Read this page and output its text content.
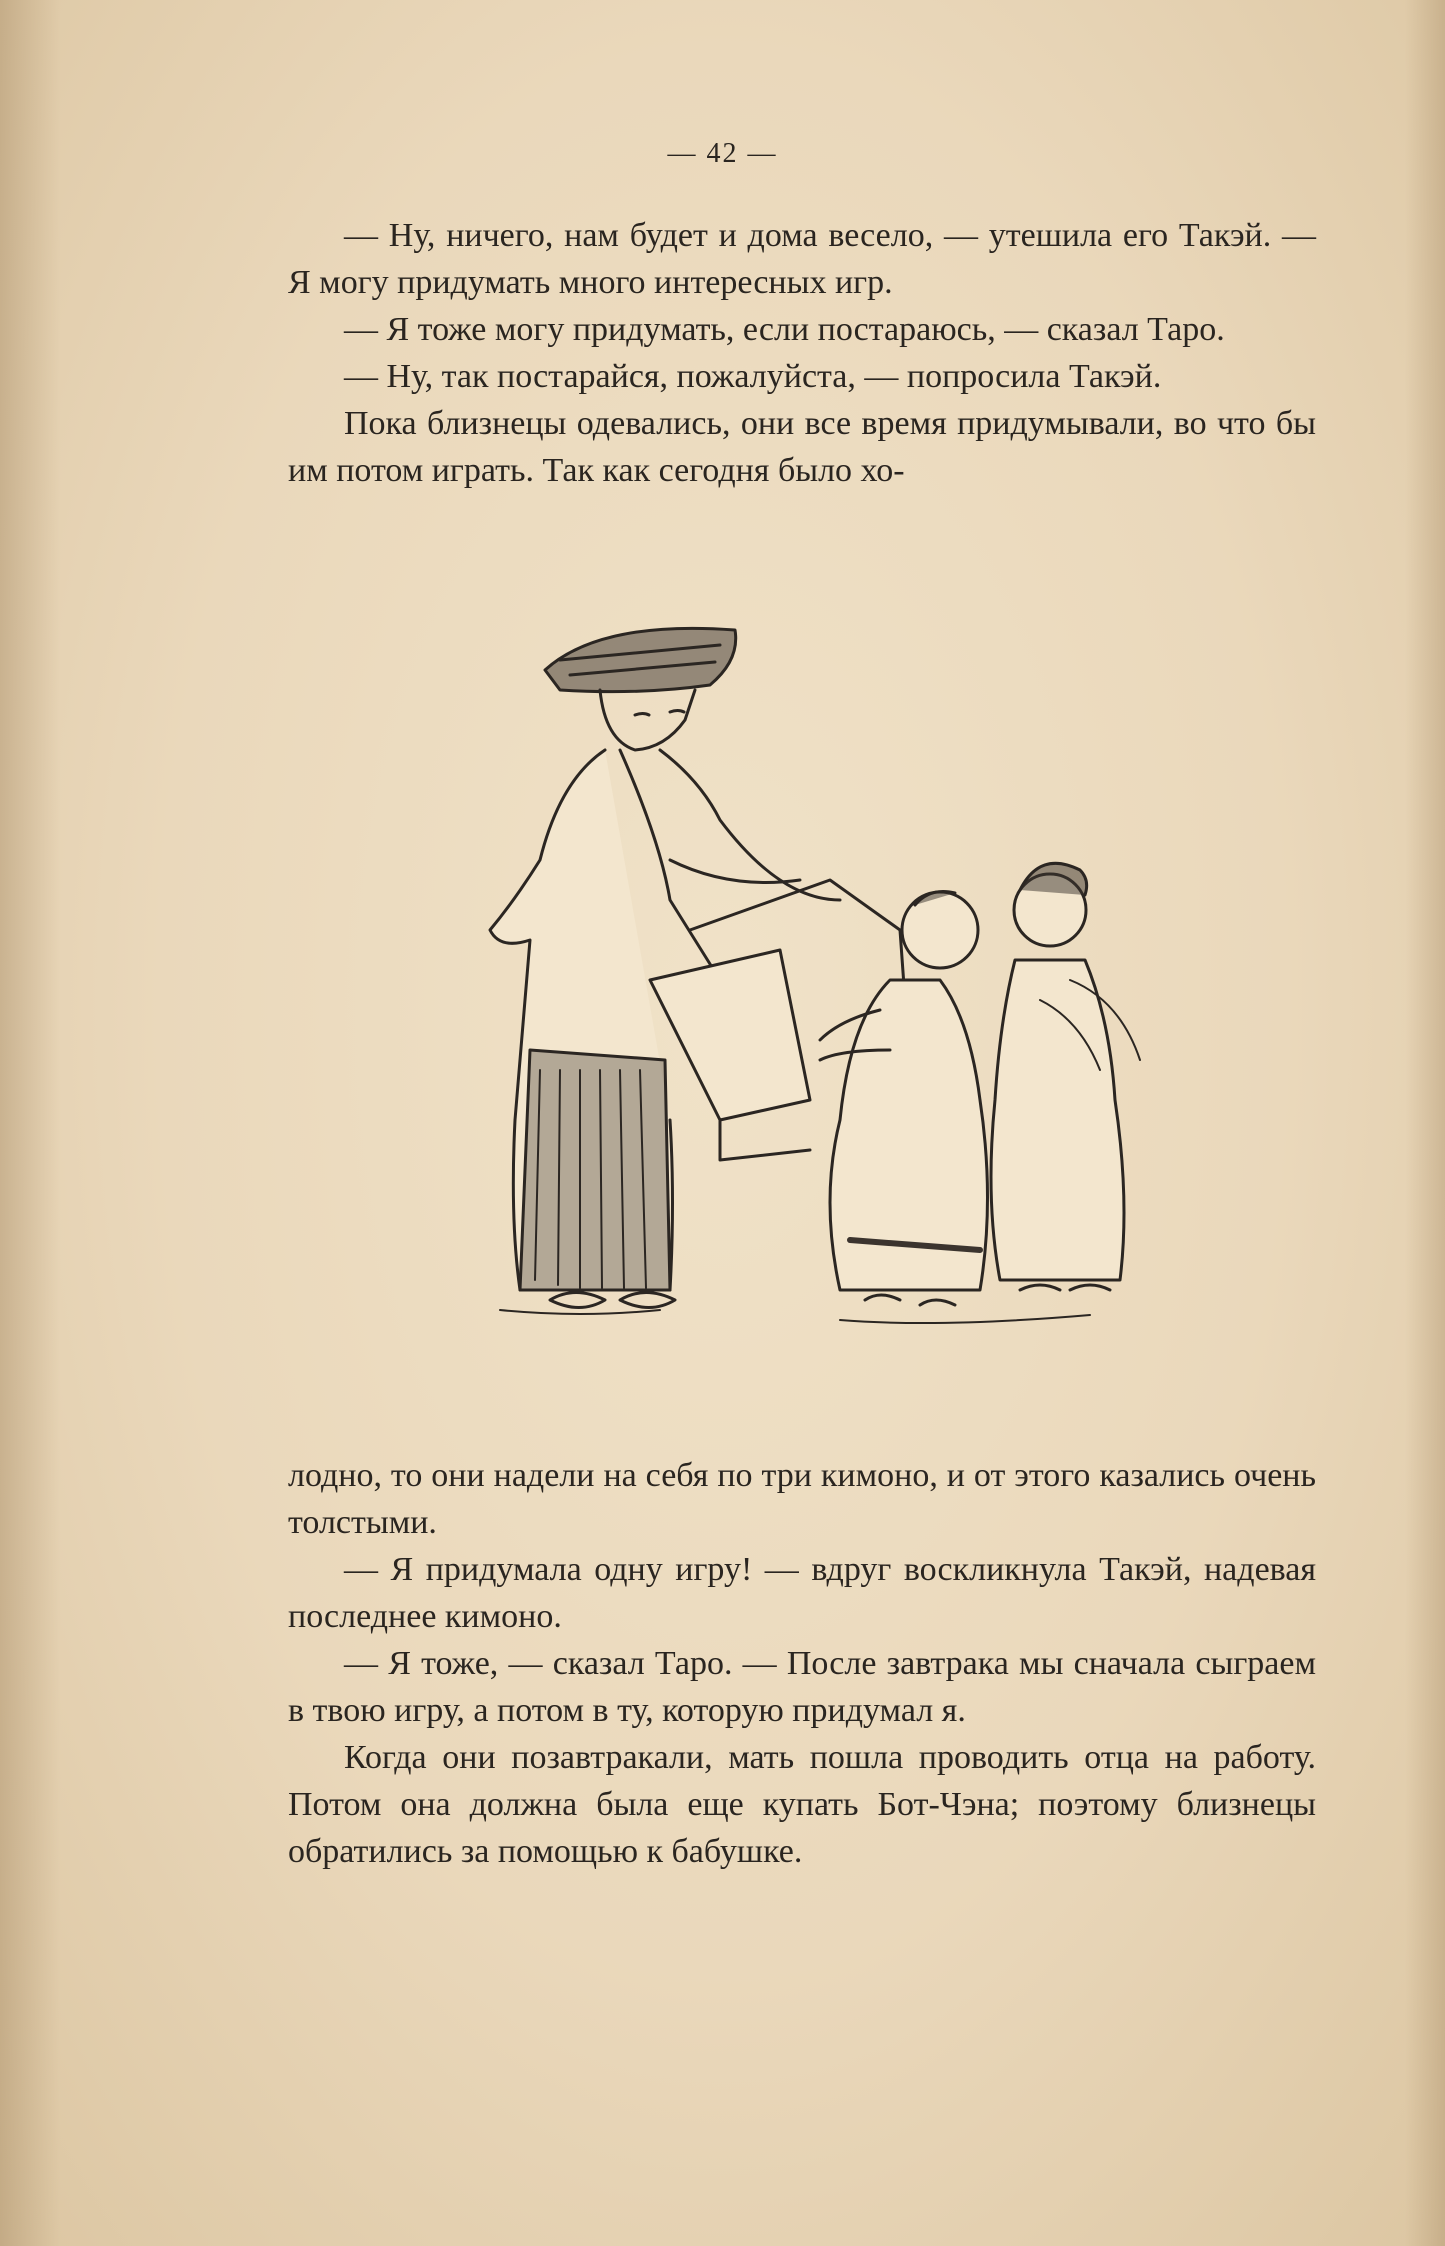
— 42 —

— Ну, ничего, нам будет и дома весело, — утешила его Такэй. — Я могу придумать много интересных игр.

— Я тоже могу придумать, если постараюсь, — сказал Таро.

— Ну, так постарайся, пожалуйста, — попросила Такэй.

Пока близнецы одевались, они все время придумывали, во что бы им потом играть. Так как сегодня было хо-

лодно, то они надели на себя по три кимоно, и от этого казались очень толстыми.

— Я придумала одну игру! — вдруг воскликнула Такэй, надевая последнее кимоно.

— Я тоже, — сказал Таро. — После завтрака мы сначала сыграем в твою игру, а потом в ту, которую придумал я.

Когда они позавтракали, мать пошла проводить отца на работу. Потом она должна была еще купать Бот-Чэна; поэтому близнецы обратились за помощью к бабушке.
